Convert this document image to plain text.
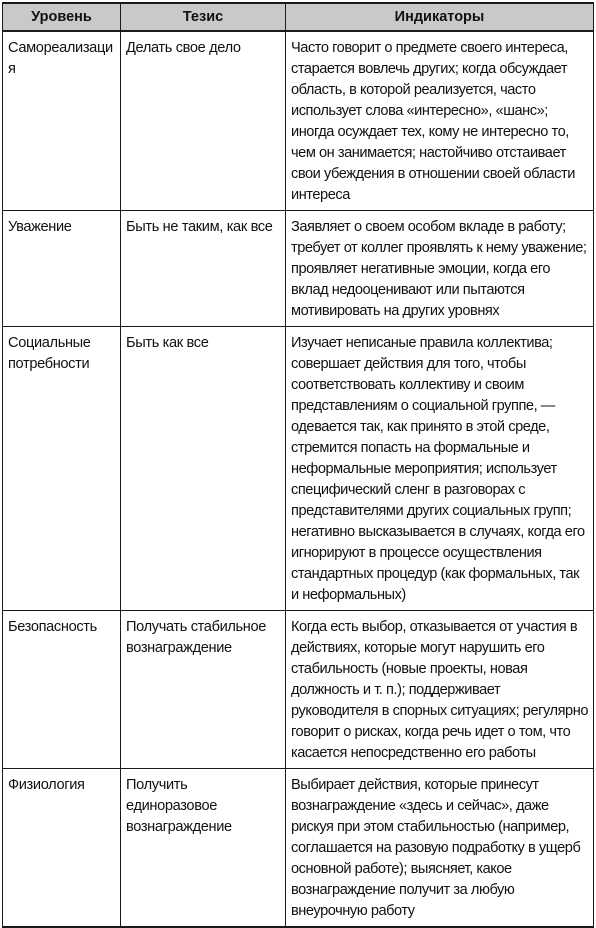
Уровень	Тезис	Индикаторы

Самореализация	Делать свое дело	Часто говорит о предмете своего интереса, старается вовлечь других; когда обсуждает область, в которой реализуется, часто использует слова «интересно», «шанс»; иногда осуждает тех, кому не интересно то, чем он занимается; настойчиво отстаивает свои убеждения в отношении своей области интереса

Уважение	Быть не таким, как все	Заявляет о своем особом вкладе в работу; требует от коллег проявлять к нему уважение; проявляет негативные эмоции, когда его вклад недооценивают или пытаются мотивировать на других уровнях

Социальные потребности	Быть как все	Изучает неписаные правила коллектива; совершает действия для того, чтобы соответствовать коллективу и своим представлениям о социальной группе, — одевается так, как принято в этой среде, стремится попасть на формальные и неформальные мероприятия; использует специфический сленг в разговорах с представителями других социальных групп; негативно высказывается в случаях, когда его игнорируют в процессе осуществления стандартных процедур (как формальных, так и неформальных)

Безопасность	Получать стабильное вознаграждение	Когда есть выбор, отказывается от участия в действиях, которые могут нарушить его стабильность (новые проекты, новая должность и т. п.); поддерживает руководителя в спорных ситуациях; регулярно говорит о рисках, когда речь идет о том, что касается непосредственно его работы

Физиология	Получить единоразовое вознаграждение	Выбирает действия, которые принесут вознаграждение «здесь и сейчас», даже рискуя при этом стабильностью (например, соглашается на разовую подработку в ущерб основной работе); выясняет, какое вознаграждение получит за любую внеурочную работу
